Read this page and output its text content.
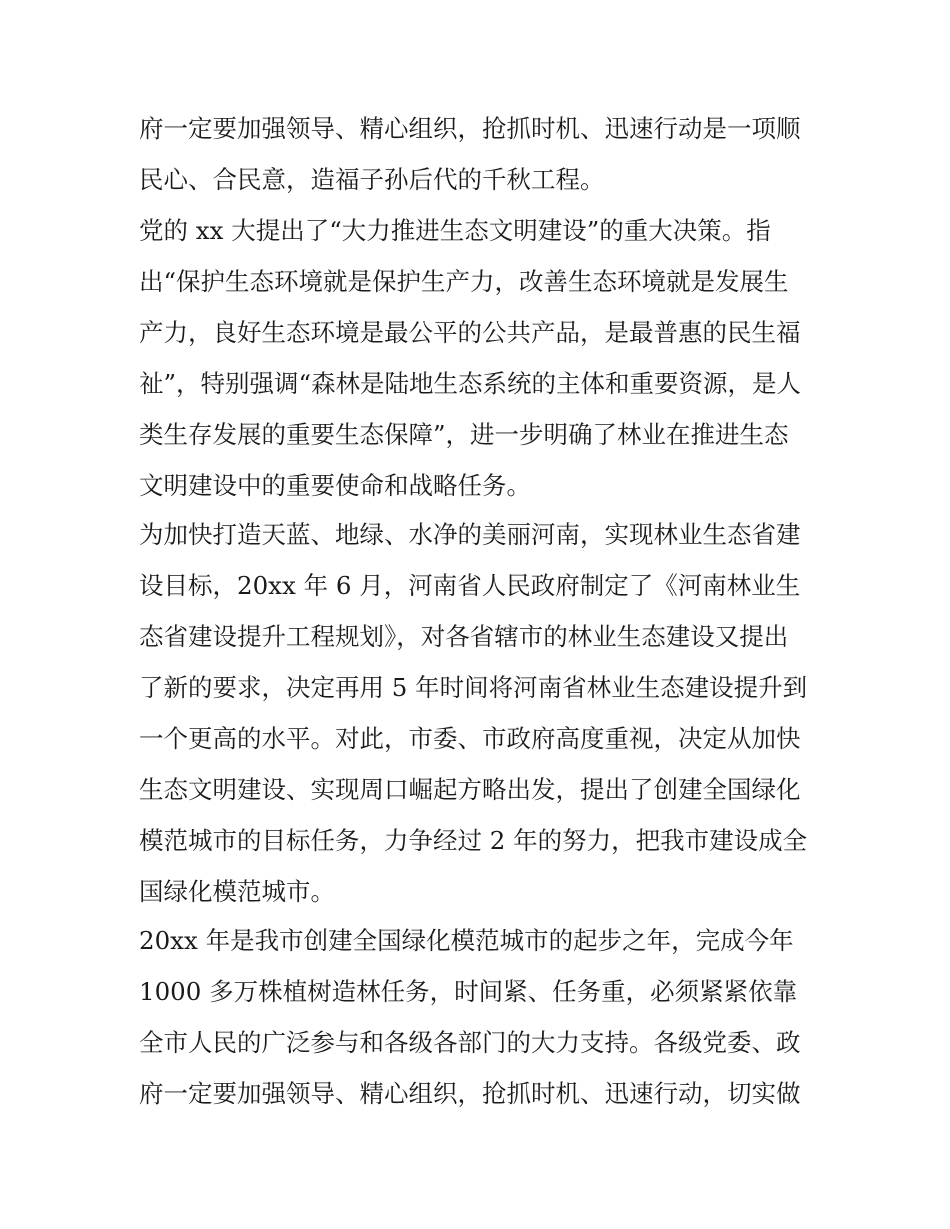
府一定要加强领导、精心组织，抢抓时机、迅速行动是一项顺
民心、合民意，造福子孙后代的千秋工程。
党的 xx 大提出了“大力推进生态文明建设”的重大决策。指
出“保护生态环境就是保护生产力，改善生态环境就是发展生
产力，良好生态环境是最公平的公共产品，是最普惠的民生福
祉”，特别强调“森林是陆地生态系统的主体和重要资源，是人
类生存发展的重要生态保障”，进一步明确了林业在推进生态
文明建设中的重要使命和战略任务。
为加快打造天蓝、地绿、水净的美丽河南，实现林业生态省建
设目标，20xx 年 6 月，河南省人民政府制定了《河南林业生
态省建设提升工程规划》，对各省辖市的林业生态建设又提出
了新的要求，决定再用 5 年时间将河南省林业生态建设提升到
一个更高的水平。对此，市委、市政府高度重视，决定从加快
生态文明建设、实现周口崛起方略出发，提出了创建全国绿化
模范城市的目标任务，力争经过 2 年的努力，把我市建设成全
国绿化模范城市。
20xx 年是我市创建全国绿化模范城市的起步之年，完成今年
1000 多万株植树造林任务，时间紧、任务重，必须紧紧依靠
全市人民的广泛参与和各级各部门的大力支持。各级党委、政
府一定要加强领导、精心组织，抢抓时机、迅速行动，切实做
